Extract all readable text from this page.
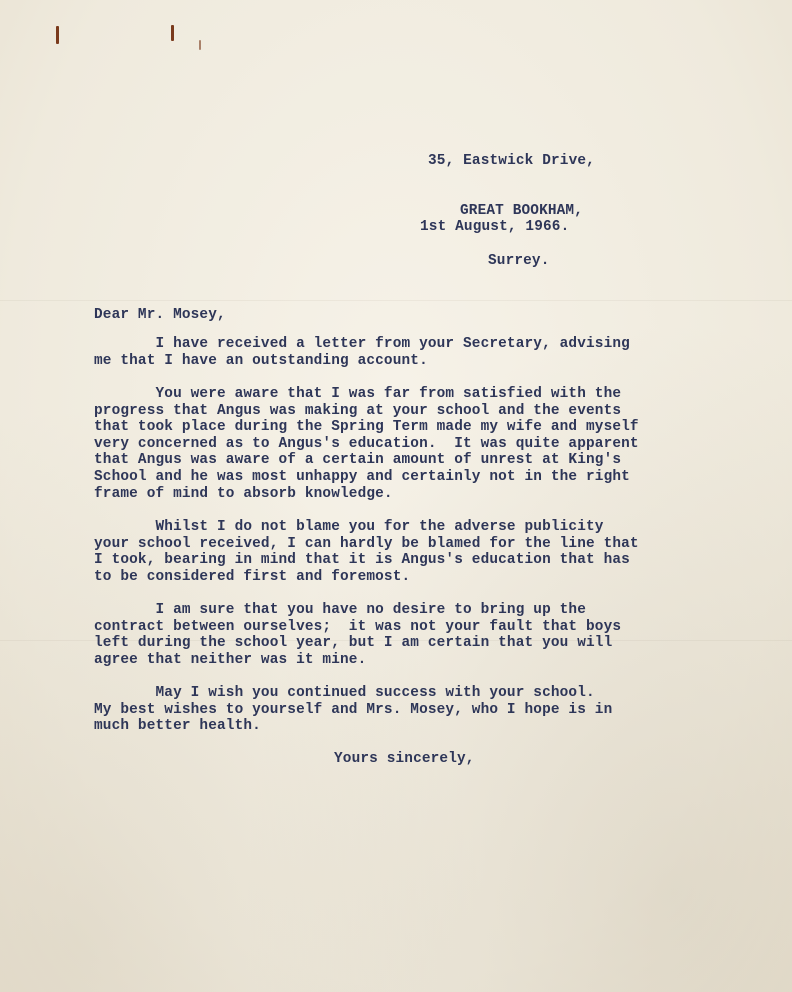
35, Eastwick Drive,

GREAT BOOKHAM,

Surrey.

1st August, 1966.
Dear Mr. Mosey,
I have received a letter from your Secretary, advising
me that I have an outstanding account.
You were aware that I was far from satisfied with the
progress that Angus was making at your school and the events
that took place during the Spring Term made my wife and myself
very concerned as to Angus's education.  It was quite apparent
that Angus was aware of a certain amount of unrest at King's
School and he was most unhappy and certainly not in the right
frame of mind to absorb knowledge.
Whilst I do not blame you for the adverse publicity
your school received, I can hardly be blamed for the line that
I took, bearing in mind that it is Angus's education that has
to be considered first and foremost.
I am sure that you have no desire to bring up the
contract between ourselves;  it was not your fault that boys
left during the school year, but I am certain that you will
agree that neither was it mine.
May I wish you continued success with your school.
My best wishes to yourself and Mrs. Mosey, who I hope is in
much better health.
Yours sincerely,
